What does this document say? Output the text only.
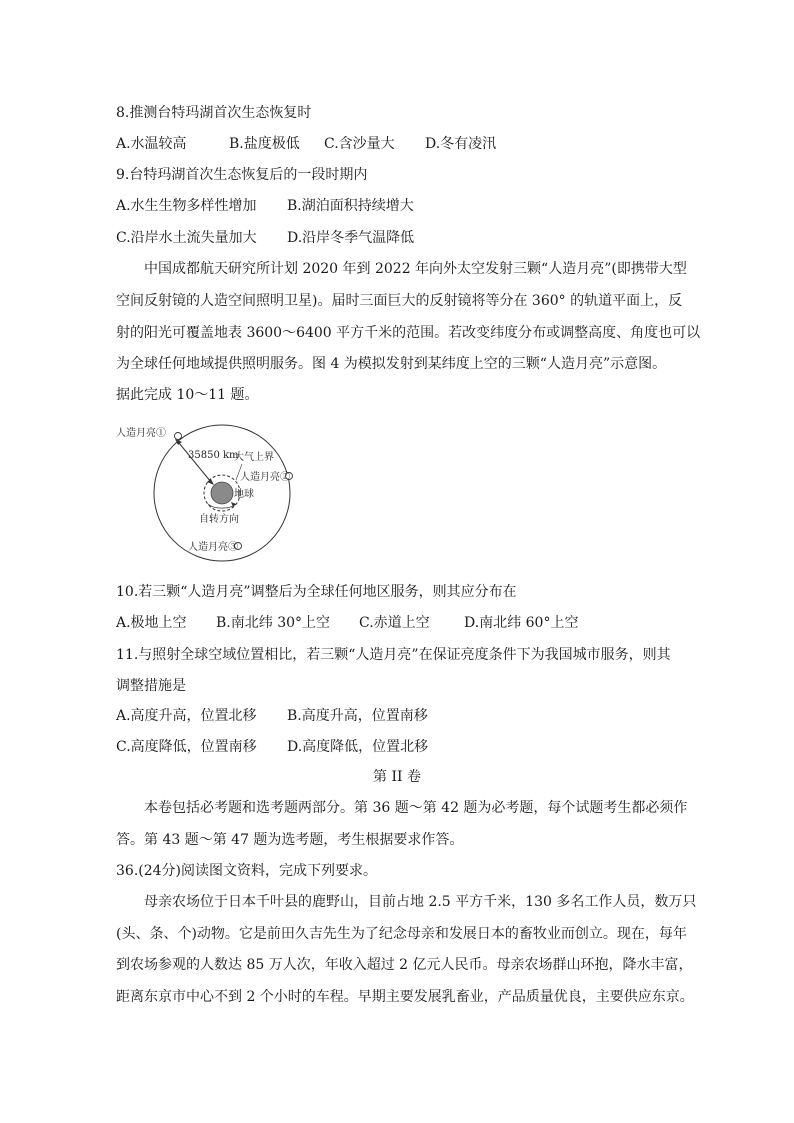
8.推测台特玛湖首次生态恢复时
A.水温较高	B.盐度极低 C.含沙量大 D.冬有凌汛
9.台特玛湖首次生态恢复后的一段时期内
A.水生生物多样性增加 B.湖泊面积持续增大
C.沿岸水土流失量加大 D.沿岸冬季气温降低
中国成都航天研究所计划 2020 年到 2022 年向外太空发射三颗“人造月亮”(即携带大型
空间反射镜的人造空间照明卫星)。届时三面巨大的反射镜将等分在 360° 的轨道平面上，反
射的阳光可覆盖地表 3600～6400 平方千米的范围。若改变纬度分布或调整高度、角度也可以
为全球任何地域提供照明服务。图 4 为模拟发射到某纬度上空的三颗“人造月亮”示意图。
据此完成 10～11 题。
人造月亮①
人造月亮②
人造月亮③
35850 km
大气上界
地球
自转方向
10.若三颗“人造月亮”调整后为全球任何地区服务，则其应分布在
A.极地上空 B.南北纬 30°上空 C.赤道上空 D.南北纬 60°上空
11.与照射全球空域位置相比，若三颗“人造月亮”在保证亮度条件下为我国城市服务，则其
调整措施是
A.高度升高，位置北移 B.高度升高，位置南移
C.高度降低，位置南移 D.高度降低，位置北移
第 II 卷
本卷包括必考题和选考题两部分。第 36 题～第 42 题为必考题，每个试题考生都必须作
答。第 43 题～第 47 题为选考题，考生根据要求作答。
36.(24分)阅读图文资料，完成下列要求。
母亲农场位于日本千叶县的鹿野山，目前占地 2.5 平方千米，130 多名工作人员，数万只
(头、条、个)动物。它是前田久吉先生为了纪念母亲和发展日本的畜牧业而创立。现在，每年
到农场参观的人数达 85 万人次，年收入超过 2 亿元人民币。母亲农场群山环抱，降水丰富，
距离东京市中心不到 2 个小时的车程。早期主要发展乳畜业，产品质量优良，主要供应东京。
